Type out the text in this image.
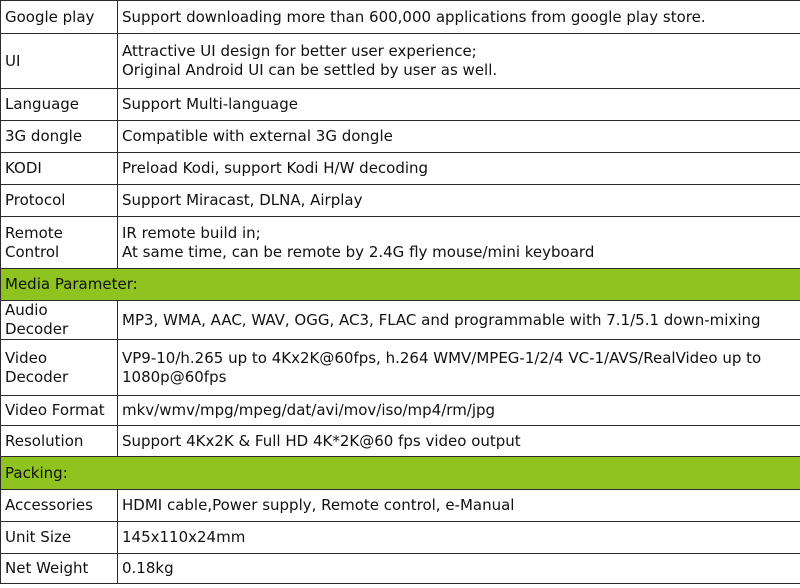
Google play	Support downloading more than 600,000 applications from google play store.

UI	Attractive UI design for better user experience;
Original Android UI can be settled by user as well.

Language	Support Multi-language

3G dongle	Compatible with external 3G dongle

KODI	Preload Kodi, support Kodi H/W decoding

Protocol	Support Miracast, DLNA, Airplay

Remote
Control	IR remote build in;
At same time, can be remote by 2.4G fly mouse/mini keyboard

Media Parameter:	
Audio Decoder	MP3, WMA, AAC, WAV, OGG, AC3, FLAC and programmable with 7.1/5.1 down-mixing

Video Decoder	VP9-10/h.265 up to 4Kx2K@60fps, h.264 WMV/MPEG-1/2/4 VC-1/AVS/RealVideo up to
1080p@60fps

Video Format	mkv/wmv/mpg/mpeg/dat/avi/mov/iso/mp4/rm/jpg

Resolution	Support 4Kx2K & Full HD 4K*2K@60 fps video output

Packing:	
Accessories	HDMI cable,Power supply, Remote control, e-Manual

Unit Size	145x110x24mm

Net Weight	0.18kg
